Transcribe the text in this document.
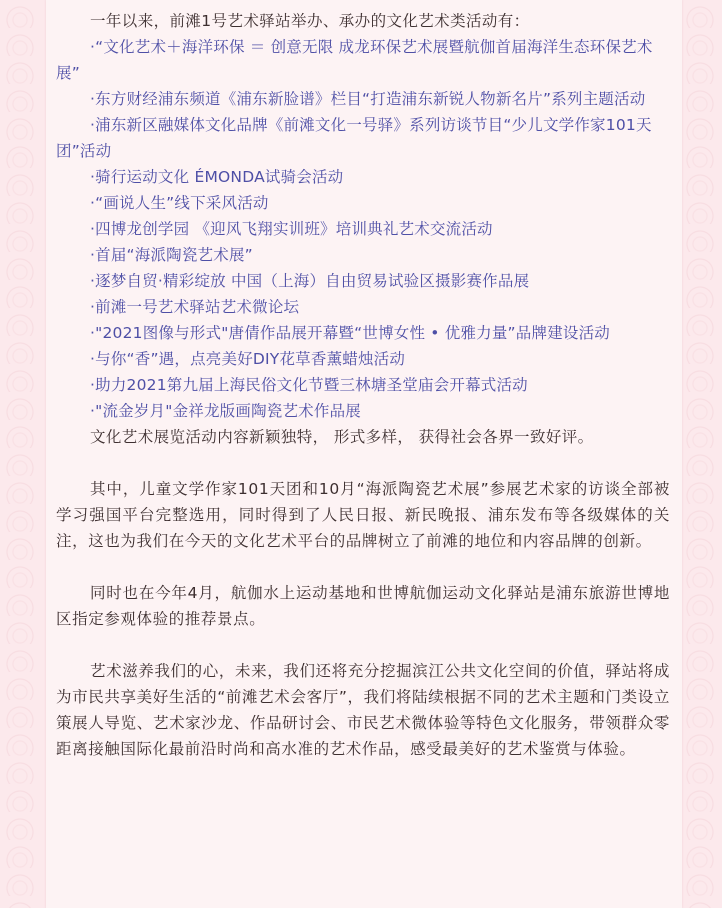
一年以来，前滩1号艺术驿站举办、承办的文化艺术类活动有：

·“文化艺术＋海洋环保 ＝ 创意无限 成龙环保艺术展暨航伽首届海洋生态环保艺术展”
·东方财经浦东频道《浦东新脸谱》栏目“打造浦东新锐人物新名片”系列主题活动
·浦东新区融媒体文化品牌《前滩文化一号驿》系列访谈节目“少儿文学作家101天团”活动
·骑行运动文化 ÉMONDA试骑会活动
·“画说人生”线下采风活动
·四博龙创学园 《迎风飞翔实训班》培训典礼艺术交流活动
·首届“海派陶瓷艺术展”
·逐梦自贸·精彩绽放 中国（上海）自由贸易试验区摄影赛作品展
·前滩一号艺术驿站艺术微论坛
·"2021图像与形式"唐倩作品展开幕暨“世博女性 • 优雅力量”品牌建设活动
·与你“香”遇，点亮美好DIY花草香薰蜡烛活动
·助力2021第九届上海民俗文化节暨三林塘圣堂庙会开幕式活动
·"流金岁月"金祥龙版画陶瓷艺术作品展

文化艺术展览活动内容新颖独特， 形式多样， 获得社会各界一致好评。

其中，儿童文学作家101天团和10月“海派陶瓷艺术展”参展艺术家的访谈全部被学习强国平台完整选用，同时得到了人民日报、新民晚报、浦东发布等各级媒体的关注，这也为我们在今天的文化艺术平台的品牌树立了前滩的地位和内容品牌的创新。

同时也在今年4月，航伽水上运动基地和世博航伽运动文化驿站是浦东旅游世博地区指定参观体验的推荐景点。

艺术滋养我们的心，未来，我们还将充分挖掘滨江公共文化空间的价值，驿站将成为市民共享美好生活的“前滩艺术会客厅”，我们将陆续根据不同的艺术主题和门类设立策展人导览、艺术家沙龙、作品研讨会、市民艺术微体验等特色文化服务，带领群众零距离接触国际化最前沿时尚和高水准的艺术作品，感受最美好的艺术鉴赏与体验。
